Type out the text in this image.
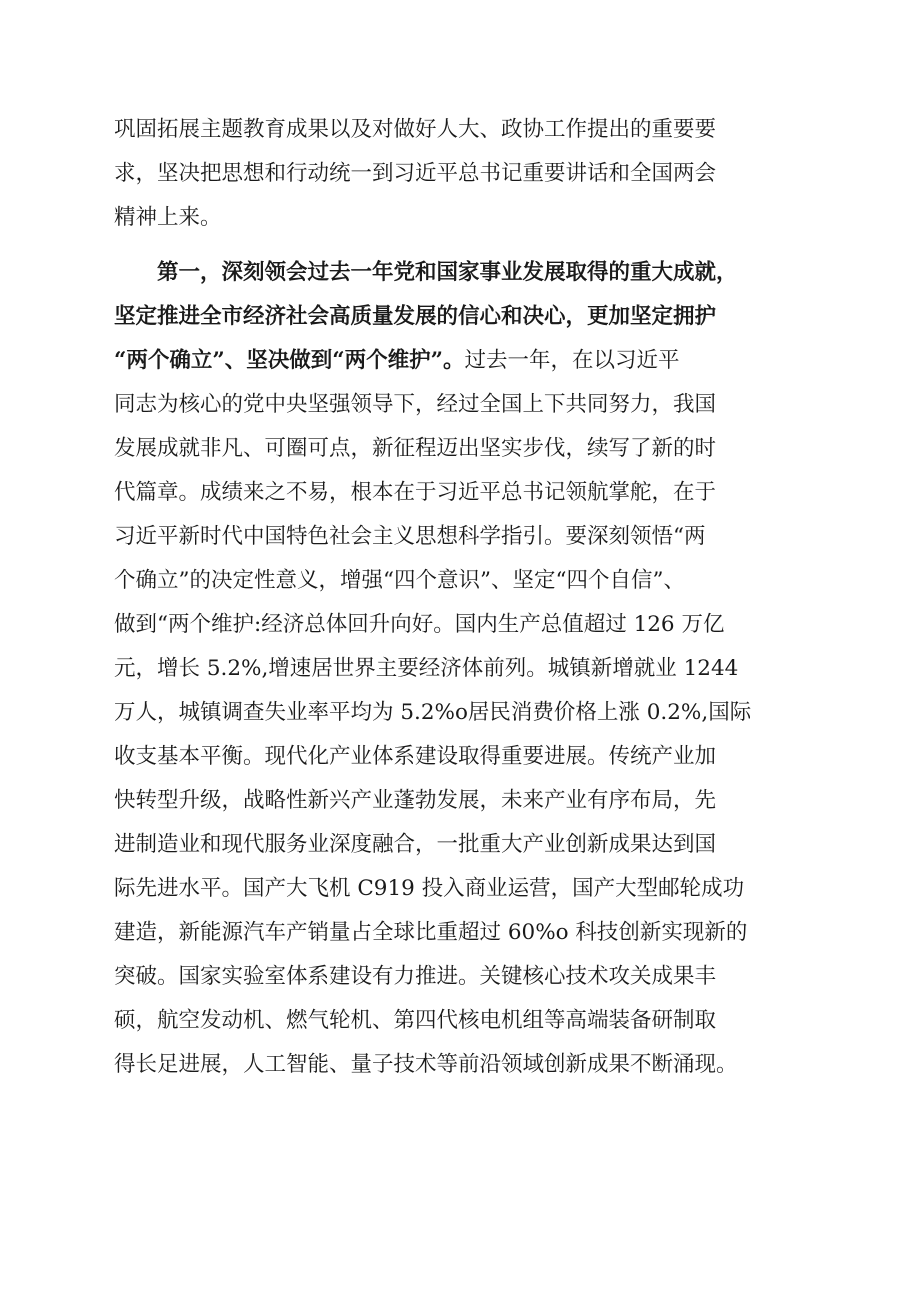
巩固拓展主题教育成果以及对做好人大、政协工作提出的重要要
求，坚决把思想和行动统一到习近平总书记重要讲话和全国两会
精神上来。
第一，深刻领会过去一年党和国家事业发展取得的重大成就，
坚定推进全市经济社会高质量发展的信心和决心，更加坚定拥护
“两个确立”、坚决做到“两个维护”。过去一年，在以习近平
同志为核心的党中央坚强领导下，经过全国上下共同努力，我国
发展成就非凡、可圈可点，新征程迈出坚实步伐，续写了新的时
代篇章。成绩来之不易，根本在于习近平总书记领航掌舵，在于
习近平新时代中国特色社会主义思想科学指引。要深刻领悟“两
个确立”的决定性意义，增强“四个意识”、坚定“四个自信”、
做到“两个维护:经济总体回升向好。国内生产总值超过 126 万亿
元，增长 5.2%,增速居世界主要经济体前列。城镇新增就业 1244
万人，城镇调查失业率平均为 5.2%o居民消费价格上涨 0.2%,国际
收支基本平衡。现代化产业体系建设取得重要进展。传统产业加
快转型升级，战略性新兴产业蓬勃发展，未来产业有序布局，先
进制造业和现代服务业深度融合，一批重大产业创新成果达到国
际先进水平。国产大飞机 C919 投入商业运营，国产大型邮轮成功
建造，新能源汽车产销量占全球比重超过 60%o 科技创新实现新的
突破。国家实验室体系建设有力推进。关键核心技术攻关成果丰
硕，航空发动机、燃气轮机、第四代核电机组等高端装备研制取
得长足进展，人工智能、量子技术等前沿领域创新成果不断涌现。
